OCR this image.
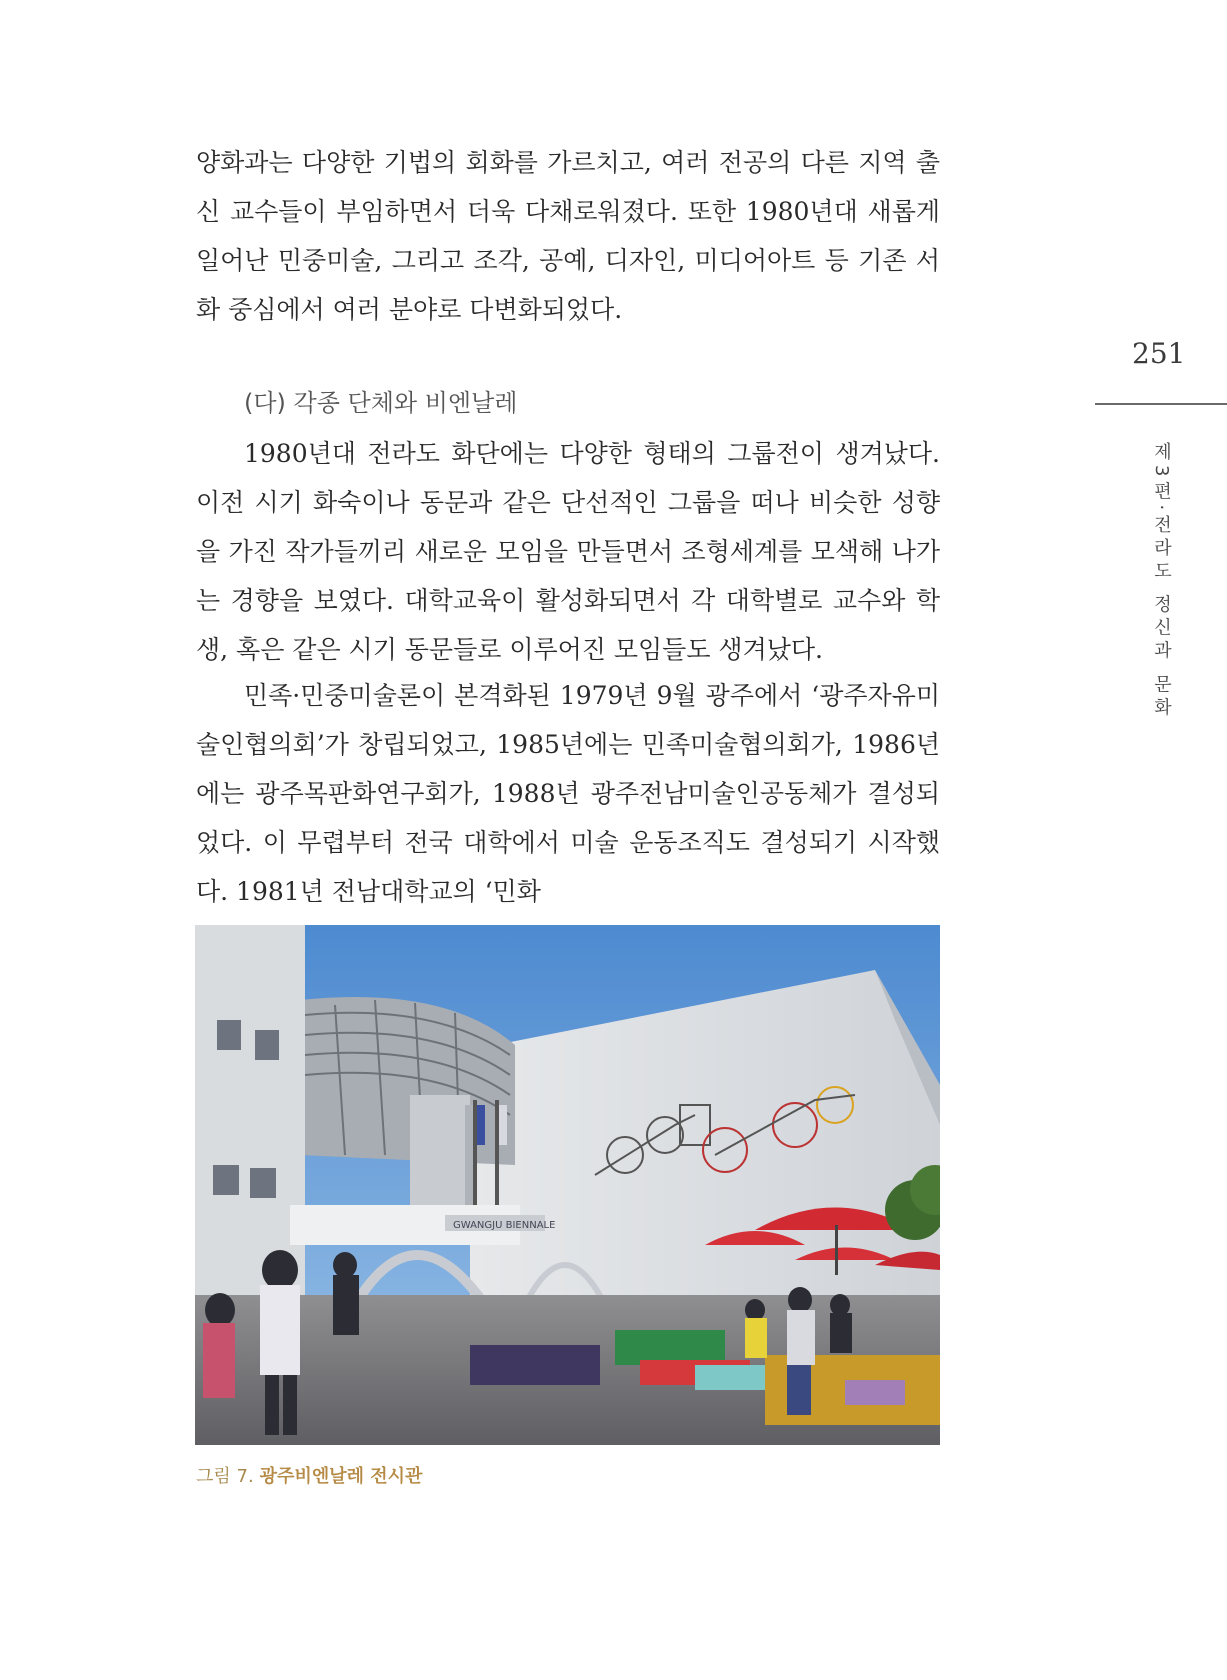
양화과는 다양한 기법의 회화를 가르치고, 여러 전공의 다른 지역 출신 교수들이 부임하면서 더욱 다채로워졌다. 또한 1980년대 새롭게 일어난 민중미술, 그리고 조각, 공예, 디자인, 미디어아트 등 기존 서화 중심에서 여러 분야로 다변화되었다.

(다) 각종 단체와 비엔날레

1980년대 전라도 화단에는 다양한 형태의 그룹전이 생겨났다. 이전 시기 화숙이나 동문과 같은 단선적인 그룹을 떠나 비슷한 성향을 가진 작가들끼리 새로운 모임을 만들면서 조형세계를 모색해 나가는 경향을 보였다. 대학교육이 활성화되면서 각 대학별로 교수와 학생, 혹은 같은 시기 동문들로 이루어진 모임들도 생겨났다.

민족·민중미술론이 본격화된 1979년 9월 광주에서 ‘광주자유미술인협의회’가 창립되었고, 1985년에는 민족미술협의회가, 1986년에는 광주목판화연구회가, 1988년 광주전남미술인공동체가 결성되었다. 이 무렵부터 전국 대학에서 미술 운동조직도 결성되기 시작했다. 1981년 전남대학교의 ‘민화

251
제3편·전라도 정신과 문화
GWANGJU BIENNALE
그림 7. 광주비엔날레 전시관
